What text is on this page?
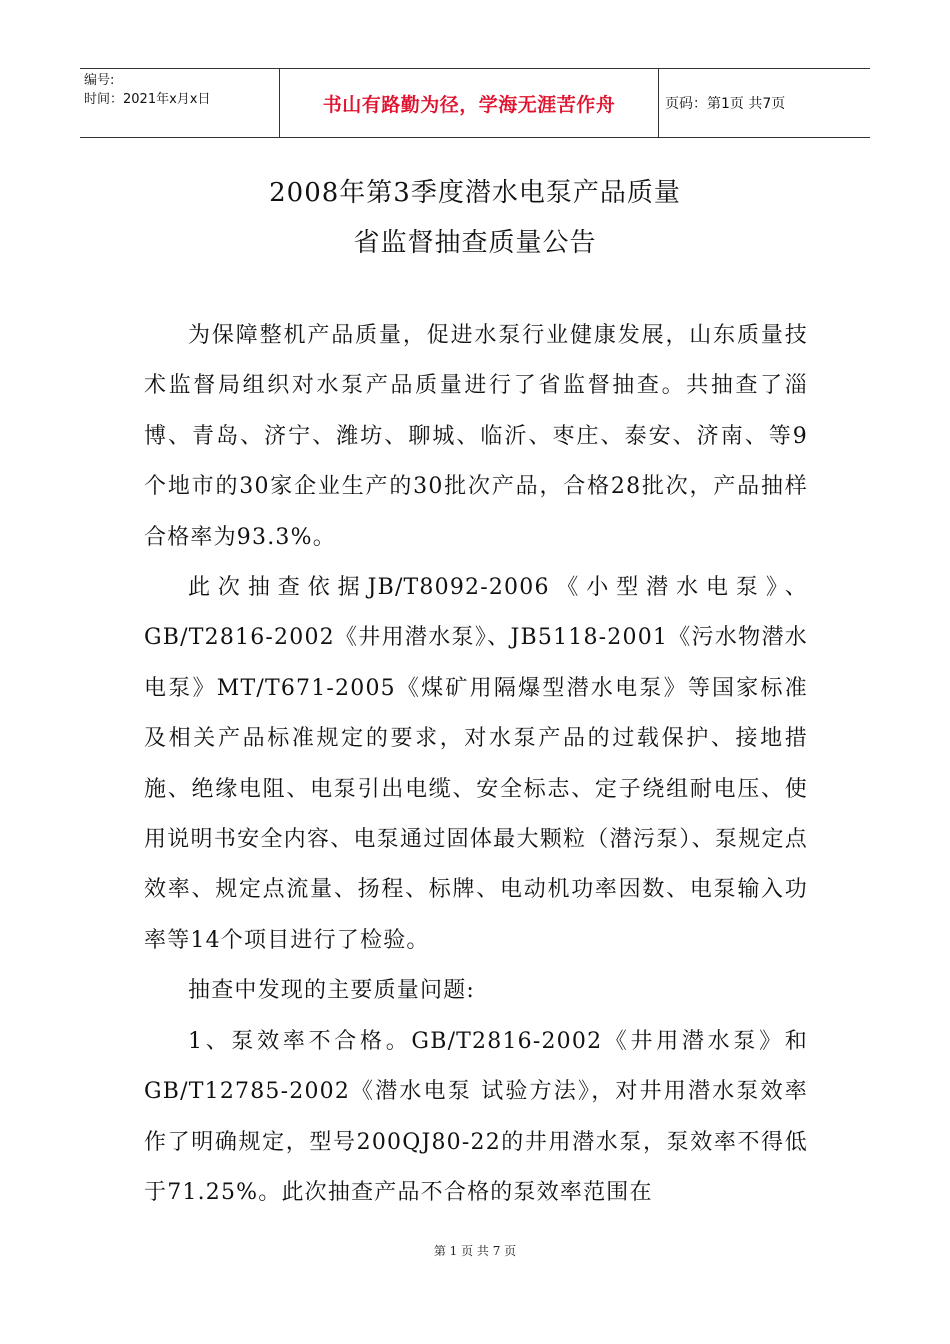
编号:
时间：2021年x月x日	书山有路勤为径，学海无涯苦作舟	页码：第1页 共7页
2008年第3季度潜水电泵产品质量
省监督抽查质量公告

为保障整机产品质量，促进水泵行业健康发展，山东质量技术监督局组织对水泵产品质量进行了省监督抽查。共抽查了淄博、青岛、济宁、潍坊、聊城、临沂、枣庄、泰安、济南、等9个地市的30家企业生产的30批次产品，合格28批次，产品抽样合格率为93.3%。

此次抽查依据JB/T8092-2006《小型潜水电泵》、GB/T2816-2002《井用潜水泵》、JB5118-2001《污水物潜水电泵》MT/T671-2005《煤矿用隔爆型潜水电泵》等国家标准及相关产品标准规定的要求，对水泵产品的过载保护、接地措施、绝缘电阻、电泵引出电缆、安全标志、定子绕组耐电压、使用说明书安全内容、电泵通过固体最大颗粒（潜污泵）、泵规定点效率、规定点流量、扬程、标牌、电动机功率因数、电泵输入功率等14个项目进行了检验。

抽查中发现的主要质量问题:

1、泵效率不合格。GB/T2816-2002《井用潜水泵》和GB/T12785-2002《潜水电泵 试验方法》，对井用潜水泵效率作了明确规定，型号200QJ80-22的井用潜水泵，泵效率不得低于71.25%。此次抽查产品不合格的泵效率范围在

第 1 页 共 7 页
